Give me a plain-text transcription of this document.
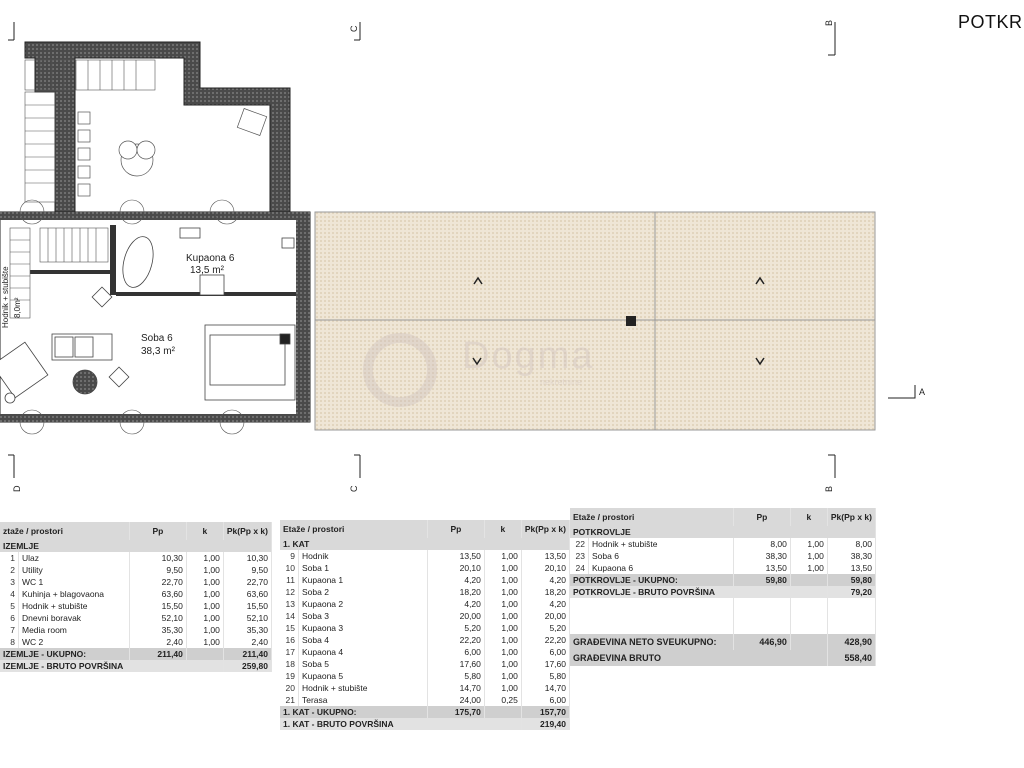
C
B
D	C	B
A
Kupaona 6
13,5 m²
Soba 6
38,3 m²
Hodnik + stubište 8,0m²
Dogma
nekretnine
POTKR
ztaže / prostori		Pp	k	Pk(Pp x k)
IZEMLJE				
1	Ulaz	10,30	1,00	10,30
2	Utility	9,50	1,00	9,50
3	WC 1	22,70	1,00	22,70
4	Kuhinja + blagovaona	63,60	1,00	63,60
5	Hodnik + stubište	15,50	1,00	15,50
6	Dnevni boravak	52,10	1,00	52,10
7	Media room	35,30	1,00	35,30
8	WC 2	2,40	1,00	2,40
IZEMLJE - UKUPNO:		211,40		211,40
IZEMLJE - BRUTO POVRŠINA				259,80
Etaže / prostori		Pp	k	Pk(Pp x k)
1. KAT				
9	Hodnik	13,50	1,00	13,50
10	Soba 1	20,10	1,00	20,10
11	Kupaona 1	4,20	1,00	4,20
12	Soba 2	18,20	1,00	18,20
13	Kupaona 2	4,20	1,00	4,20
14	Soba 3	20,00	1,00	20,00
15	Kupaona 3	5,20	1,00	5,20
16	Soba 4	22,20	1,00	22,20
17	Kupaona 4	6,00	1,00	6,00
18	Soba 5	17,60	1,00	17,60
19	Kupaona 5	5,80	1,00	5,80
20	Hodnik + stubište	14,70	1,00	14,70
21	Terasa	24,00	0,25	6,00
1. KAT - UKUPNO:		175,70		157,70
1. KAT - BRUTO POVRŠINA				219,40
Etaže / prostori		Pp	k	Pk(Pp x k)
POTKROVLJE				
22	Hodnik + stubište	8,00	1,00	8,00
23	Soba 6	38,30	1,00	38,30
24	Kupaona 6	13,50	1,00	13,50
POTKROVLJE - UKUPNO:		59,80		59,80
POTKROVLJE - BRUTO POVRŠINA				79,20

GRAĐEVINA NETO SVEUKUPNO:		446,90		428,90
GRAĐEVINA BRUTO				558,40
